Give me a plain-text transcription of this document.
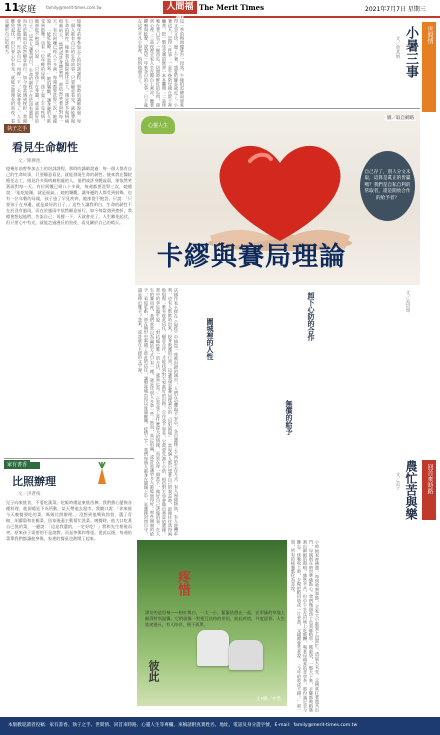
11
家庭 family@merit-times.com.tw	人間福報
The Merit Times	2021年7月7日 星期三
世間情
小暑三事
文／曾其炳
這一季的梅雨總算告一段落，午後的雷陣雨卻來得又急又快。過了小暑，盛夏的腳步就近了。小暑這天，記得三件事：一是午後陪母親在院子裡曬書，把一整年受潮的舊書一本本攤開；二是傍晚在巷口買了一顆西瓜，切開時鮮紅的瓜肉，甜到心裡；三是夜裡全家人坐在陽台上乘涼，聽著蟬鳴與蛙聲，說說這一年來各自的心事。日子就在這些平凡小事裡，悄悄地過去了。
執子之手
看見生命韌性
文／陳柳池
憶幾年前曾參加志工的培訓課程，那時的講師說過：每一個人都有自己的生命故事，只要願意看見，就能發現生命的韌性。後來我在醫院擔任志工，遇見許多與病痛相處的人，他們或許身體虛弱，卻依然笑著面對每一天。有位阿嬤已經八十多歲，每週都要洗腎三次，她總說：「能吃能睡，就是福氣。」她的樂觀，讓身邊的人都受到鼓舞。也有一位年輕的母親，孩子患了罕見疾病，她卻從不抱怨，只說：「只要孩子在身邊，就是最好的日子。」這些人讓我明白，生命的韌性不在於沒有風雨，而在於風雨中依然願意前行。如今每當遇到挫折，我總會想起他們，告訴自己：再撐一下，天就會亮了。人生難免起伏，但只要心中有光，就能走過漫長的黑夜，看見屬於自己的晴天。
憶幾年前曾參加志工的培訓課程，那時的講師說過：每一個人都有自己的生命故事，只要願意看見，就能發現生命的韌性。後來我在醫院擔任志工，遇見許多與病痛相處的人，他們或許身體虛弱，卻依然笑著面對每一天。有位阿嬤已經八十多歲，每週都要洗腎三次，她總說：「能吃能睡，就是福氣。」她的樂觀，讓身邊的人都受到鼓舞。也有一位年輕的母親，孩子患了罕見疾病，她卻從不抱怨，只說：「只要孩子在身邊，就是最好的日子。」這些人讓我明白，生命的韌性不在於沒有風雨，而在於風雨中依然願意前行。如今每當遇到挫折，我總會想起他們，告訴自己：再撐一下，天就會亮了。人生難免起伏，但只要心中有光，就能走過漫長的黑夜，看見屬於自己的晴天。
心靈人生
圖／取自網路
卡繆與賽局理論
自己存了，別人分文未取，這算是眞正的皆贏嗎？我們是自私自利的常取者，還是開放合作的給予者？
文／吳培瑋
卸下心防的合作
無償的給予
圍城裡的人性
法國作家卡繆在《鼠疫》中描寫一座被封鎖的城市，人們在恐懼與不安中，各自選擇了不同的生存方式。有人囤積物資，有人趁機牟利，也有人默默站出來，投身救護的行列。這讓我想起賽局理論中的「囚犯困境」：當每個人都只想著自己的利益時，最後往往落得兩敗俱傷；唯有彼此信任、願意合作，才能找到對大家都好的出路。合作並不容易，它需要先卸下心防，相信對方也會做出善意的選擇。書中的李厄醫生說：「對抗瘟疫唯一的方法，就是正直。」正直並不是什麼偉大的情操，而是在每一個當下，做好自己該做的事。在人生的賽局裡，我們常常以為贏的方式只有一種，就是比別人多拿一些；然而，真正的贏，或許是讓更多人都能過得好。那些無償的給予，看似吃虧，卻在無形中累積了彼此的信任，讓整座城市得以度過難關。疫情之下，我們每個人都身在圍城之中，是選擇封閉自守，還是伸出雙手？答案，或許就在卡繆的文字裡。
家有書香
比照辦理
文／洪蒼梅
兒子向來挑食，不愛吃蔬菜，吃飯時總是東挑西揀。我們費心變換各種料理，他卻總是不為所動。某天帶他去超市，我隨口說：「你來挑今天晚餐要吃的菜，媽媽比照辦理。」沒想到他興致勃勃，選了青椒、胡蘿蔔和花椰菜，回家後還主動幫忙洗菜。晚餐時，他大口吃著自己挑的菜，一邊說：「這是我選的，一定好吃！」我和先生相視而笑。原來孩子需要的不是說教，而是參與和尊重。從此以後，每週的菜單我們都讓他參與，家裡的餐桌也熱鬧了起來。
疼惜
彼此
文•圖／亦墨
漂亮的造型椅——粉紅與白，一大一小，緊緊依偎在一起，在翠綠的草地上顯得特別溫馨。它們就像一對相互扶持的伴侶，彼此疼惜，共度晨昏。人生旅途漫長，有人陪伴，便不孤單。
回首來時路
農忙苦與樂
文／芸子
小時候家裡務農，每到收割季節，全家大小都要下田幫忙。清晨天未亮，父親就扛著農具出門，母親則在廚房準備點心。我們幾個孩子負責綁稻草、搬穀袋，一整天下來，手腳都被稻葉割出細細的傷痕。雖然辛苦，但中午坐在田埂上吃飯糰，喝著母親煮的青草茶，那份滿足至今難忘。傍晚收工時，夕陽把稻田染成一片金黃，父親總會笑著說：「今年的收成不錯！」那一刻，所有的疲憊都化為喜悅。
本版歡迎讀者投稿：家有書香、執子之手、世間情、回首來時路、心靈人生等專欄，來稿請附真實姓名、地址、電話及身分證字號，E-mail：family@merit-times.com.tw
